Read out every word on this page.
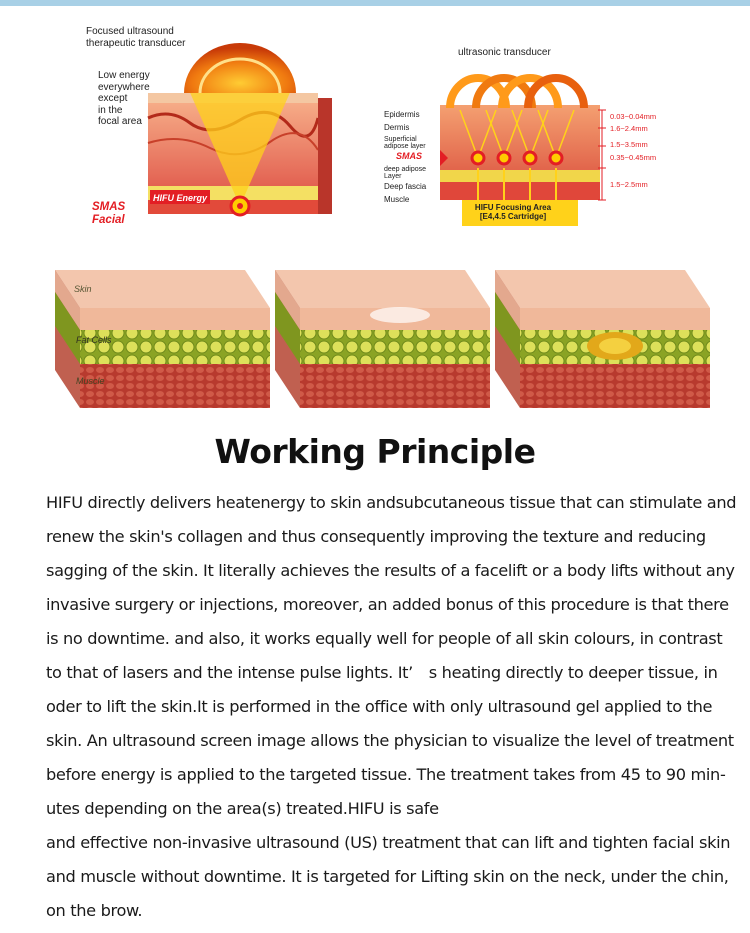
Focused ultrasound
therapeutic transducer
Low energy
everywhere
except
in the
focal area
HIFU Energy
SMAS
Facial
ultrasonic transducer
Epidermis
Dermis
Superficial
adipose layer
SMAS
deep adipose
Layer
Deep fascia
Muscle
0.03~0.04mm
1.6~2.4mm
1.5~3.5mm
0.35~0.45mm
1.5~2.5mm
HIFU Focusing Area
[E4,4.5 Cartridge]
Skin
Fat Cells
Muscle
Working Principle
HIFU directly delivers heatenergy to skin andsubcutaneous tissue that can stimulate and
renew the skin's collagen and thus consequently improving the texture and reducing
sagging of the skin. It literally achieves the results of a facelift or a body lifts without any
invasive surgery or injections, moreover, an added bonus of this procedure is that there
is no downtime. and also, it works equally well for people of all skin colours, in contrast
to that of lasers and the intense pulse lights. It’　s heating directly to deeper tissue, in
oder to lift the skin.It is performed in the office with only ultrasound gel applied to the
skin. An ultrasound screen image allows the physician to visualize the level of treatment
before energy is applied to the targeted tissue. The treatment takes from 45 to 90 min-
utes depending on the area(s) treated.HIFU is safe
and effective non-invasive ultrasound (US) treatment that can lift and tighten facial skin
and muscle without downtime. It is targeted for Lifting skin on the neck, under the chin,
on the brow.
